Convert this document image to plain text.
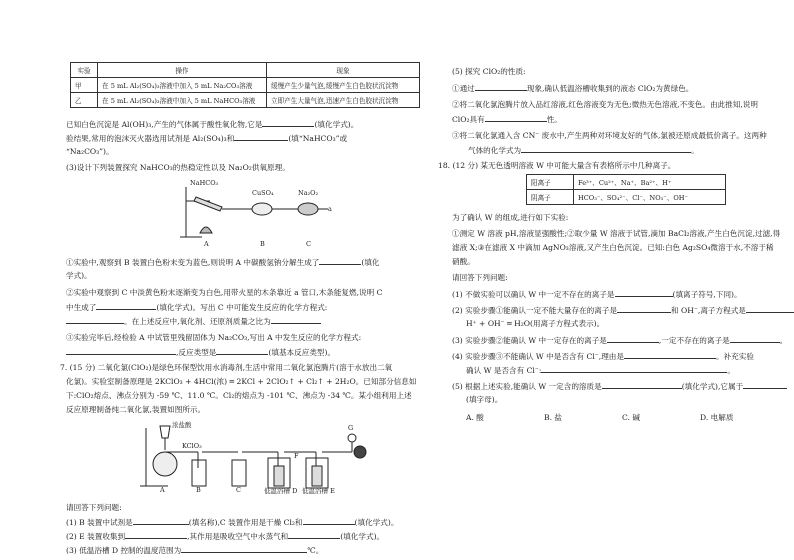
实验	操作	现象
甲	在 5 mL Al₂(SO₄)₃溶液中加入 5 mL Na₂CO₃溶液	缓慢产生少量气泡,缓慢产生白色胶状沉淀物
乙	在 5 mL Al₂(SO₄)₃溶液中加入 5 mL NaHCO₃溶液	立即产生大量气泡,迅速产生白色胶状沉淀物
已知白色沉淀是 Al(OH)₃,产生的气体属于酸性氧化物,它是	(填化学式)。
验结果,常用的泡沫灭火器选用试剂是 Al₂(SO₄)₃和	(填“NaHCO₃”或
“Na₂CO₃”)。
(3)设计下列装置探究 NaHCO₃的热稳定性以及 Na₂O₂供氧原理。
NaHCO₃
CuSO₄	Na₂O₂
a
A	B	C
①实验中,观察到 B 装置白色粉末变为蓝色,则说明 A 中碳酸氢钠分解生成了	(填化
学式)。
②实验中观察到 C 中淡黄色粉末逐渐变为白色,用带火星的木条靠近 a 管口,木条能复燃,说明 C
中生成了	(填化学式)。写出 C 中可能发生反应的化学方程式:
。在上述反应中,氧化剂、还原剂质量之比为
③实验完毕后,经检验 A 中试管里残留固体为 Na₂CO₃,写出 A 中发生反应的化学方程式:
,反应类型是	(填基本反应类型)。
7. (15 分) 二氧化氯(ClO₂)是绿色环保型饮用水消毒剂,生活中常用二氧化氯泡腾片(溶于水放出二氧
化氯)。实验室制备原理是 2KClO₃ + 4HCl(浓) ═ 2KCl + 2ClO₂↑ + Cl₂↑ + 2H₂O。已知部分信息如
下:ClO₂熔点、沸点分别为 -59 ℃、11.0 ℃。Cl₂的熔点为 -101 ℃、沸点为 -34 ℃。某小组利用上述
反应原理制备纯二氧化氯,装置如图所示。
浓盐酸
KClO₃
A	B	C	低温浴槽 D 低温浴槽 E
F
G
请回答下列问题:
(1) B 装置中试剂是	(填名称),C 装置作用是干燥 Cl₂和	(填化学式)。
(2) E 装置收集到	,其作用是吸收空气中水蒸气和	(填化学式)。
(3) 低温浴槽 D 控制的温度范围为	℃。
(5) 探究 ClO₂的性质:
①通过	现象,确认低温浴槽收集到的液态 ClO₂为黄绿色。
②将二氧化氯泡腾片放入品红溶液,红色溶液变为无色;微热无色溶液,不变色。由此推知,说明
ClO₂具有	性。
③将二氧化氯通入含 CN⁻ 废水中,产生两种对环境友好的气体,氯被还原成最低价离子。这两种
气体的化学式为	。
18. (12 分) 某无色透明溶液 W 中可能大量含有表格所示中几种离子。
阳离子	Fe³⁺、Cu²⁺、Na⁺、Ba²⁺、H⁺
阴离子	HCO₃⁻、SO₄²⁻、Cl⁻、NO₃⁻、OH⁻
为了确认 W 的组成,进行如下实验:
①测定 W 溶液 pH,溶液显强酸性;②取少量 W 溶液于试管,滴加 BaCl₂溶液,产生白色沉淀,过滤,得
滤液 X;③在滤液 X 中滴加 AgNO₃溶液,又产生白色沉淀。已知:白色 Ag₂SO₄微溶于水,不溶于稀
硝酸。
请回答下列问题:
(1) 不做实验可以确认 W 中一定不存在的离子是	(填离子符号,下同)。
(2) 实验步骤①能确认一定不能大量存在的离子是	和 OH⁻,离子方程式是
H⁺ + OH⁻ ═ H₂O(用离子方程式表示)。
(3) 实验步骤②能确认 W 中一定存在的离子是	,一定不存在的离子是	。
(4) 实验步骤③不能确认 W 中是否含有 Cl⁻,理由是	。补充实验
确认 W 是否含有 Cl⁻:	。
(5) 根据上述实验,能确认 W 一定含的溶质是	(填化学式),它属于
(填字母)。
A. 酸	B. 盐	C. 碱	D. 电解质
